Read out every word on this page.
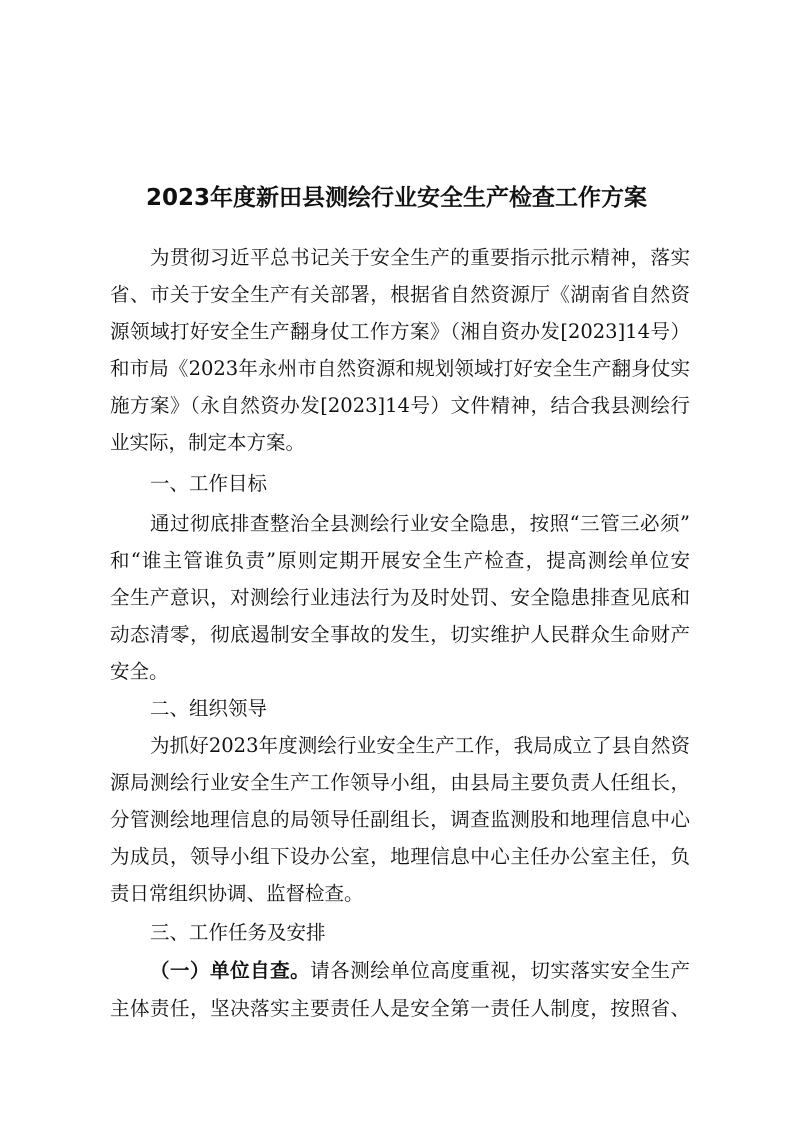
2023年度新田县测绘行业安全生产检查工作方案
为贯彻习近平总书记关于安全生产的重要指示批示精神，落实
省、市关于安全生产有关部署，根据省自然资源厅《湖南省自然资
源领域打好安全生产翻身仗工作方案》（湘自资办发[2023]14号）
和市局《2023年永州市自然资源和规划领域打好安全生产翻身仗实
施方案》（永自然资办发[2023]14号）文件精神，结合我县测绘行
业实际，制定本方案。
一、工作目标
通过彻底排查整治全县测绘行业安全隐患，按照“三管三必须”
和“谁主管谁负责”原则定期开展安全生产检查，提高测绘单位安
全生产意识，对测绘行业违法行为及时处罚、安全隐患排查见底和
动态清零，彻底遏制安全事故的发生，切实维护人民群众生命财产
安全。
二、组织领导
为抓好2023年度测绘行业安全生产工作，我局成立了县自然资
源局测绘行业安全生产工作领导小组，由县局主要负责人任组长，
分管测绘地理信息的局领导任副组长，调查监测股和地理信息中心
为成员，领导小组下设办公室，地理信息中心主任办公室主任，负
责日常组织协调、监督检查。
三、工作任务及安排
（一）单位自查。请各测绘单位高度重视，切实落实安全生产
主体责任，坚决落实主要责任人是安全第一责任人制度，按照省、
